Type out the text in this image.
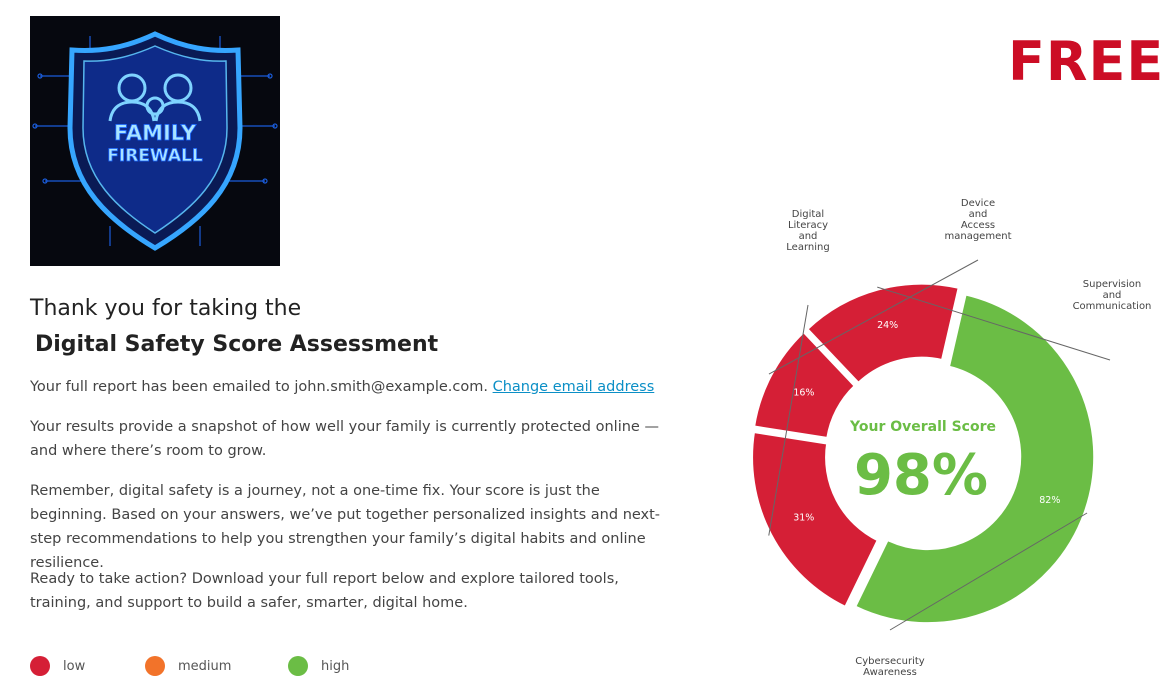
FAMILY
FIREWALL
FREE
Thank you for taking the
Digital Safety Score Assessment

Your full report has been emailed to john.smith@example.com. Change email address

Your results provide a snapshot of how well your family is currently protected online — and where there’s room to grow.

Remember, digital safety is a journey, not a one-time fix. Your score is just the beginning. Based on your answers, we’ve put together personalized insights and next-step recommendations to help you strengthen your family’s digital habits and online resilience.

Ready to take action? Download your full report below and explore tailored tools, training, and support to build a safer, smarter, digital home.

low	medium	high
82%
31%
16%
24%
Cybersecurity Awareness
Digital Literacy and Learning
Device and Access management
Supervision and Communication
Your Overall Score
98%
